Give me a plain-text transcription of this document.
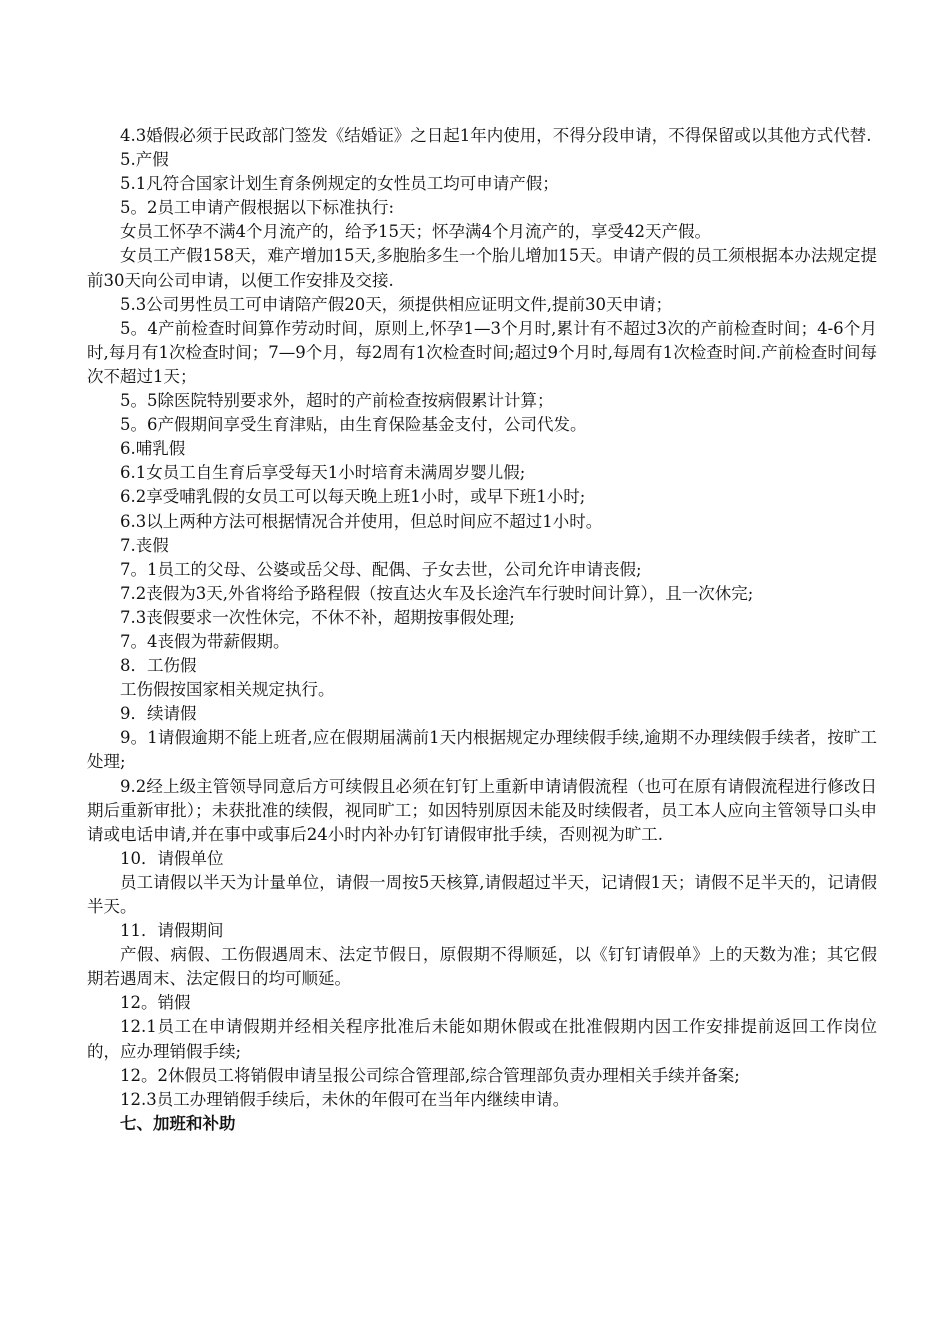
4.3婚假必须于民政部门签发《结婚证》之日起1年内使用，不得分段申请，不得保留或以其他方式代替.

5.产假

5.1凡符合国家计划生育条例规定的女性员工均可申请产假；

5。2员工申请产假根据以下标准执行:

女员工怀孕不满4个月流产的，给予15天；怀孕满4个月流产的，享受42天产假。

女员工产假158天，难产增加15天,多胞胎多生一个胎儿增加15天。申请产假的员工须根据本办法规定提前30天向公司申请，以便工作安排及交接.

5.3公司男性员工可申请陪产假20天，须提供相应证明文件,提前30天申请；

5。4产前检查时间算作劳动时间，原则上,怀孕1—3个月时,累计有不超过3次的产前检查时间；4-6个月时,每月有1次检查时间；7—9个月，每2周有1次检查时间;超过9个月时,每周有1次检查时间.产前检查时间每次不超过1天；

5。5除医院特别要求外，超时的产前检查按病假累计计算；

5。6产假期间享受生育津贴，由生育保险基金支付，公司代发。

6.哺乳假

6.1女员工自生育后享受每天1小时培育未满周岁婴儿假;

6.2享受哺乳假的女员工可以每天晚上班1小时，或早下班1小时;

6.3以上两种方法可根据情况合并使用，但总时间应不超过1小时。

7.丧假

7。1员工的父母、公婆或岳父母、配偶、子女去世，公司允许申请丧假;

7.2丧假为3天,外省将给予路程假（按直达火车及长途汽车行驶时间计算），且一次休完;

7.3丧假要求一次性休完，不休不补，超期按事假处理;

7。4丧假为带薪假期。

8．工伤假

工伤假按国家相关规定执行。

9．续请假

9。1请假逾期不能上班者,应在假期届满前1天内根据规定办理续假手续,逾期不办理续假手续者，按旷工处理;

9.2经上级主管领导同意后方可续假且必须在钉钉上重新申请请假流程（也可在原有请假流程进行修改日期后重新审批）；未获批准的续假，视同旷工；如因特别原因未能及时续假者，员工本人应向主管领导口头申请或电话申请,并在事中或事后24小时内补办钉钉请假审批手续，否则视为旷工.

10．请假单位

员工请假以半天为计量单位，请假一周按5天核算,请假超过半天，记请假1天；请假不足半天的，记请假半天。

11．请假期间

产假、病假、工伤假遇周末、法定节假日，原假期不得顺延，以《钉钉请假单》上的天数为准；其它假期若遇周末、法定假日的均可顺延。

12。销假

12.1员工在申请假期并经相关程序批准后未能如期休假或在批准假期内因工作安排提前返回工作岗位的，应办理销假手续;

12。2休假员工将销假申请呈报公司综合管理部,综合管理部负责办理相关手续并备案;

12.3员工办理销假手续后，未休的年假可在当年内继续申请。

七、加班和补助
